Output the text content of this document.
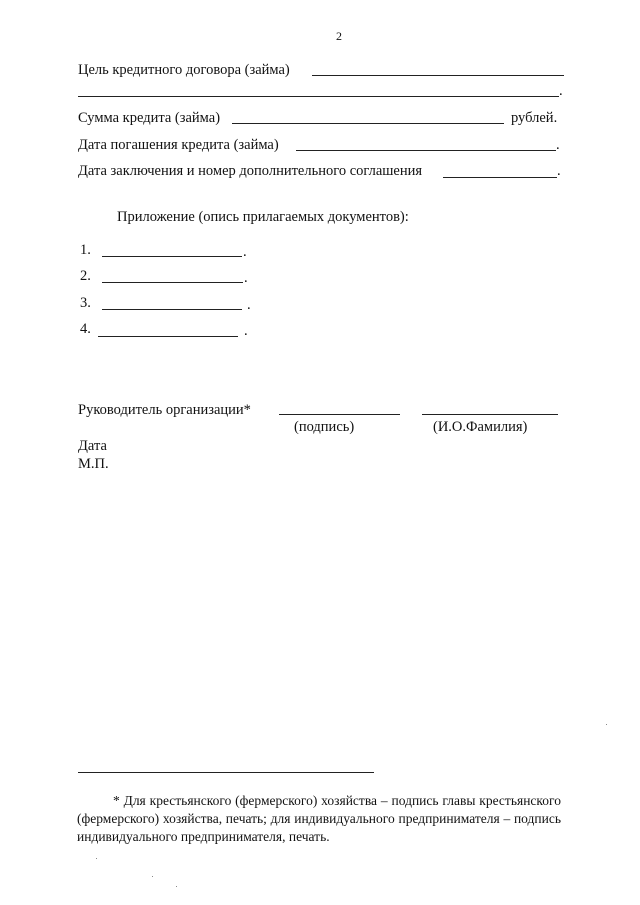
2
Цель кредитного договора (займа)
.
Сумма кредита (займа)	рублей.
Дата погашения кредита (займа)	.
Дата заключения и номер дополнительного соглашения	.
Приложение (опись прилагаемых документов):
1.	.
2.	.
3.	.
4.	.
Руководитель организации*
(подпись)	(И.О.Фамилия)
Дата
М.П.
* Для крестьянского (фермерского) хозяйства – подпись главы крестьянского (фермерского) хозяйства, печать; для индивидуального предпринимателя – подпись индивидуального предпринимателя, печать.
